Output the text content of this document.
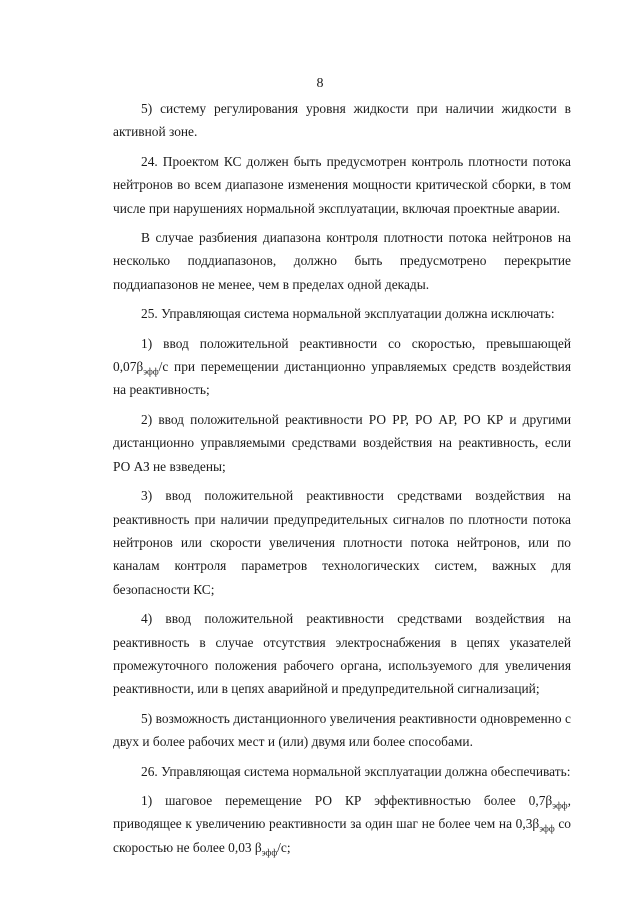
8

5) систему регулирования уровня жидкости при наличии жидкости в активной зоне.

24. Проектом КС должен быть предусмотрен контроль плотности потока нейтронов во всем диапазоне изменения мощности критической сборки, в том числе при нарушениях нормальной эксплуатации, включая проектные аварии.

В случае разбиения диапазона контроля плотности потока нейтронов на несколько поддиапазонов, должно быть предусмотрено перекрытие поддиапазонов не менее, чем в пределах одной декады.

25. Управляющая система нормальной эксплуатации должна исключать:

1) ввод положительной реактивности со скоростью, превышающей $0,07\beta_{эфф}/с$ при перемещении дистанционно управляемых средств воздействия на реактивность;

2) ввод положительной реактивности РО РР, РО АР, РО КР и другими дистанционно управляемыми средствами воздействия на реактивность, если РО АЗ не взведены;

3) ввод положительной реактивности средствами воздействия на реактивность при наличии предупредительных сигналов по плотности потока нейтронов или скорости увеличения плотности потока нейтронов, или по каналам контроля параметров технологических систем, важных для безопасности КС;

4) ввод положительной реактивности средствами воздействия на реактивность в случае отсутствия электроснабжения в цепях указателей промежуточного положения рабочего органа, используемого для увеличения реактивности, или в цепях аварийной и предупредительной сигнализаций;

5) возможность дистанционного увеличения реактивности одновременно с двух и более рабочих мест и (или) двумя или более способами.

26. Управляющая система нормальной эксплуатации должна обеспечивать:

1) шаговое перемещение РО КР эффективностью более $0,7\beta_{эфф}$, приводящее к увеличению реактивности за один шаг не более чем на $0,3\beta_{эфф}$ со скоростью не более 0,03 $\beta_{эфф}/с$;
